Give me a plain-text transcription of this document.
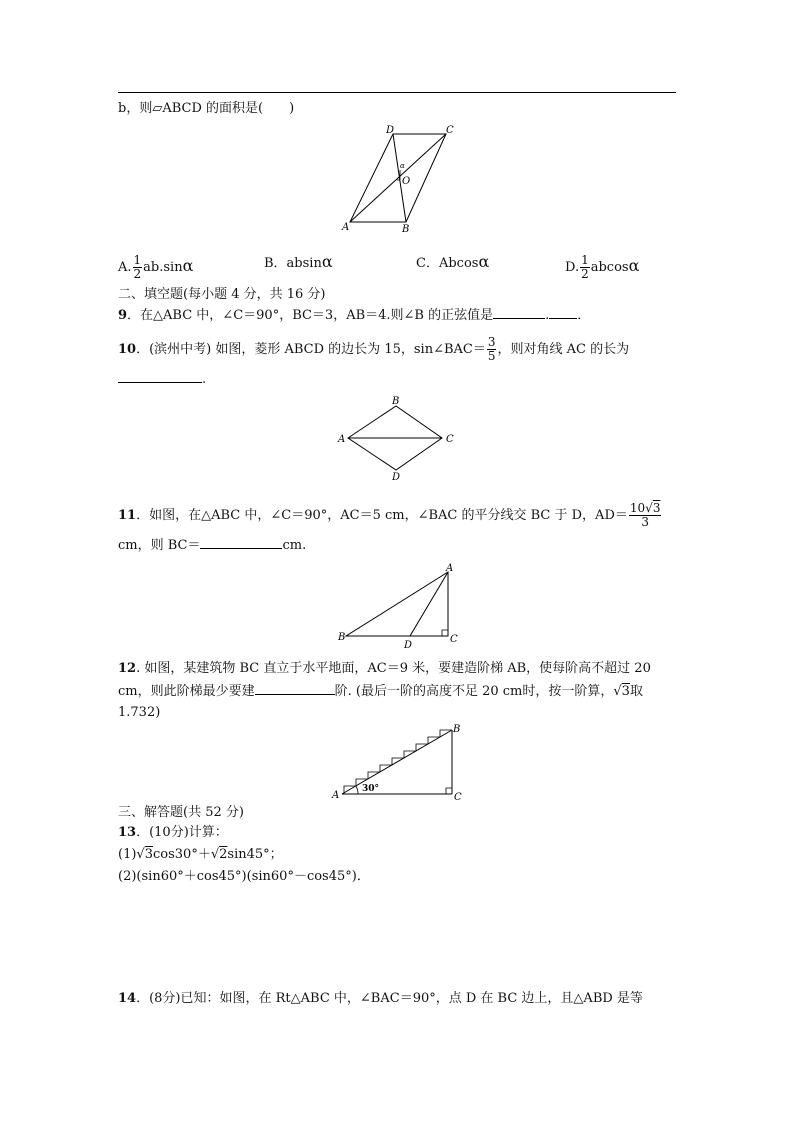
b，则▱ABCD 的面积是(　　)
D	C
α
O
A	B
A. $\frac{1}{2} ab.\sin\alpha$	B．absinα	C．Abcosα	D. $\frac{1}{2}$ abcosα
二、填空题(每小题 4 分，共 16 分)
9．在△ABC 中，∠C＝90°，BC＝3，AB＝4.则∠B 的正弦值是	. ．
10．(滨州中考) 如图，菱形 ABCD 的边长为 15，sin∠BAC＝ $\frac{3}{5}$ ，则对角线 AC 的长为
.
B
A	C
D
11．如图，在△ABC 中，∠C＝90°，AC＝5 cm，∠BAC 的平分线交 BC 于 D，$AD= \frac{10√3}{3}$
cm，则 BC＝	cm.
A
B
D
C
12. 如图，某建筑物 BC 直立于水平地面，AC＝9 米，要建造阶梯 AB，使每阶高不超过 20
cm，则此阶梯最少要建	阶. (最后一阶的高度不足 20 cm时，按一阶算，√3取
1.732)
B
A	C
30°
三、解答题(共 52 分)
13．(10分)计算：
(1)√3cos30°＋√2sin45°；
(2)(sin60°＋cos45°)(sin60°－cos45°)．
14．(8分)已知：如图，在 Rt△ABC 中，∠BAC＝90°，点 D 在 BC 边上，且△ABD 是等
